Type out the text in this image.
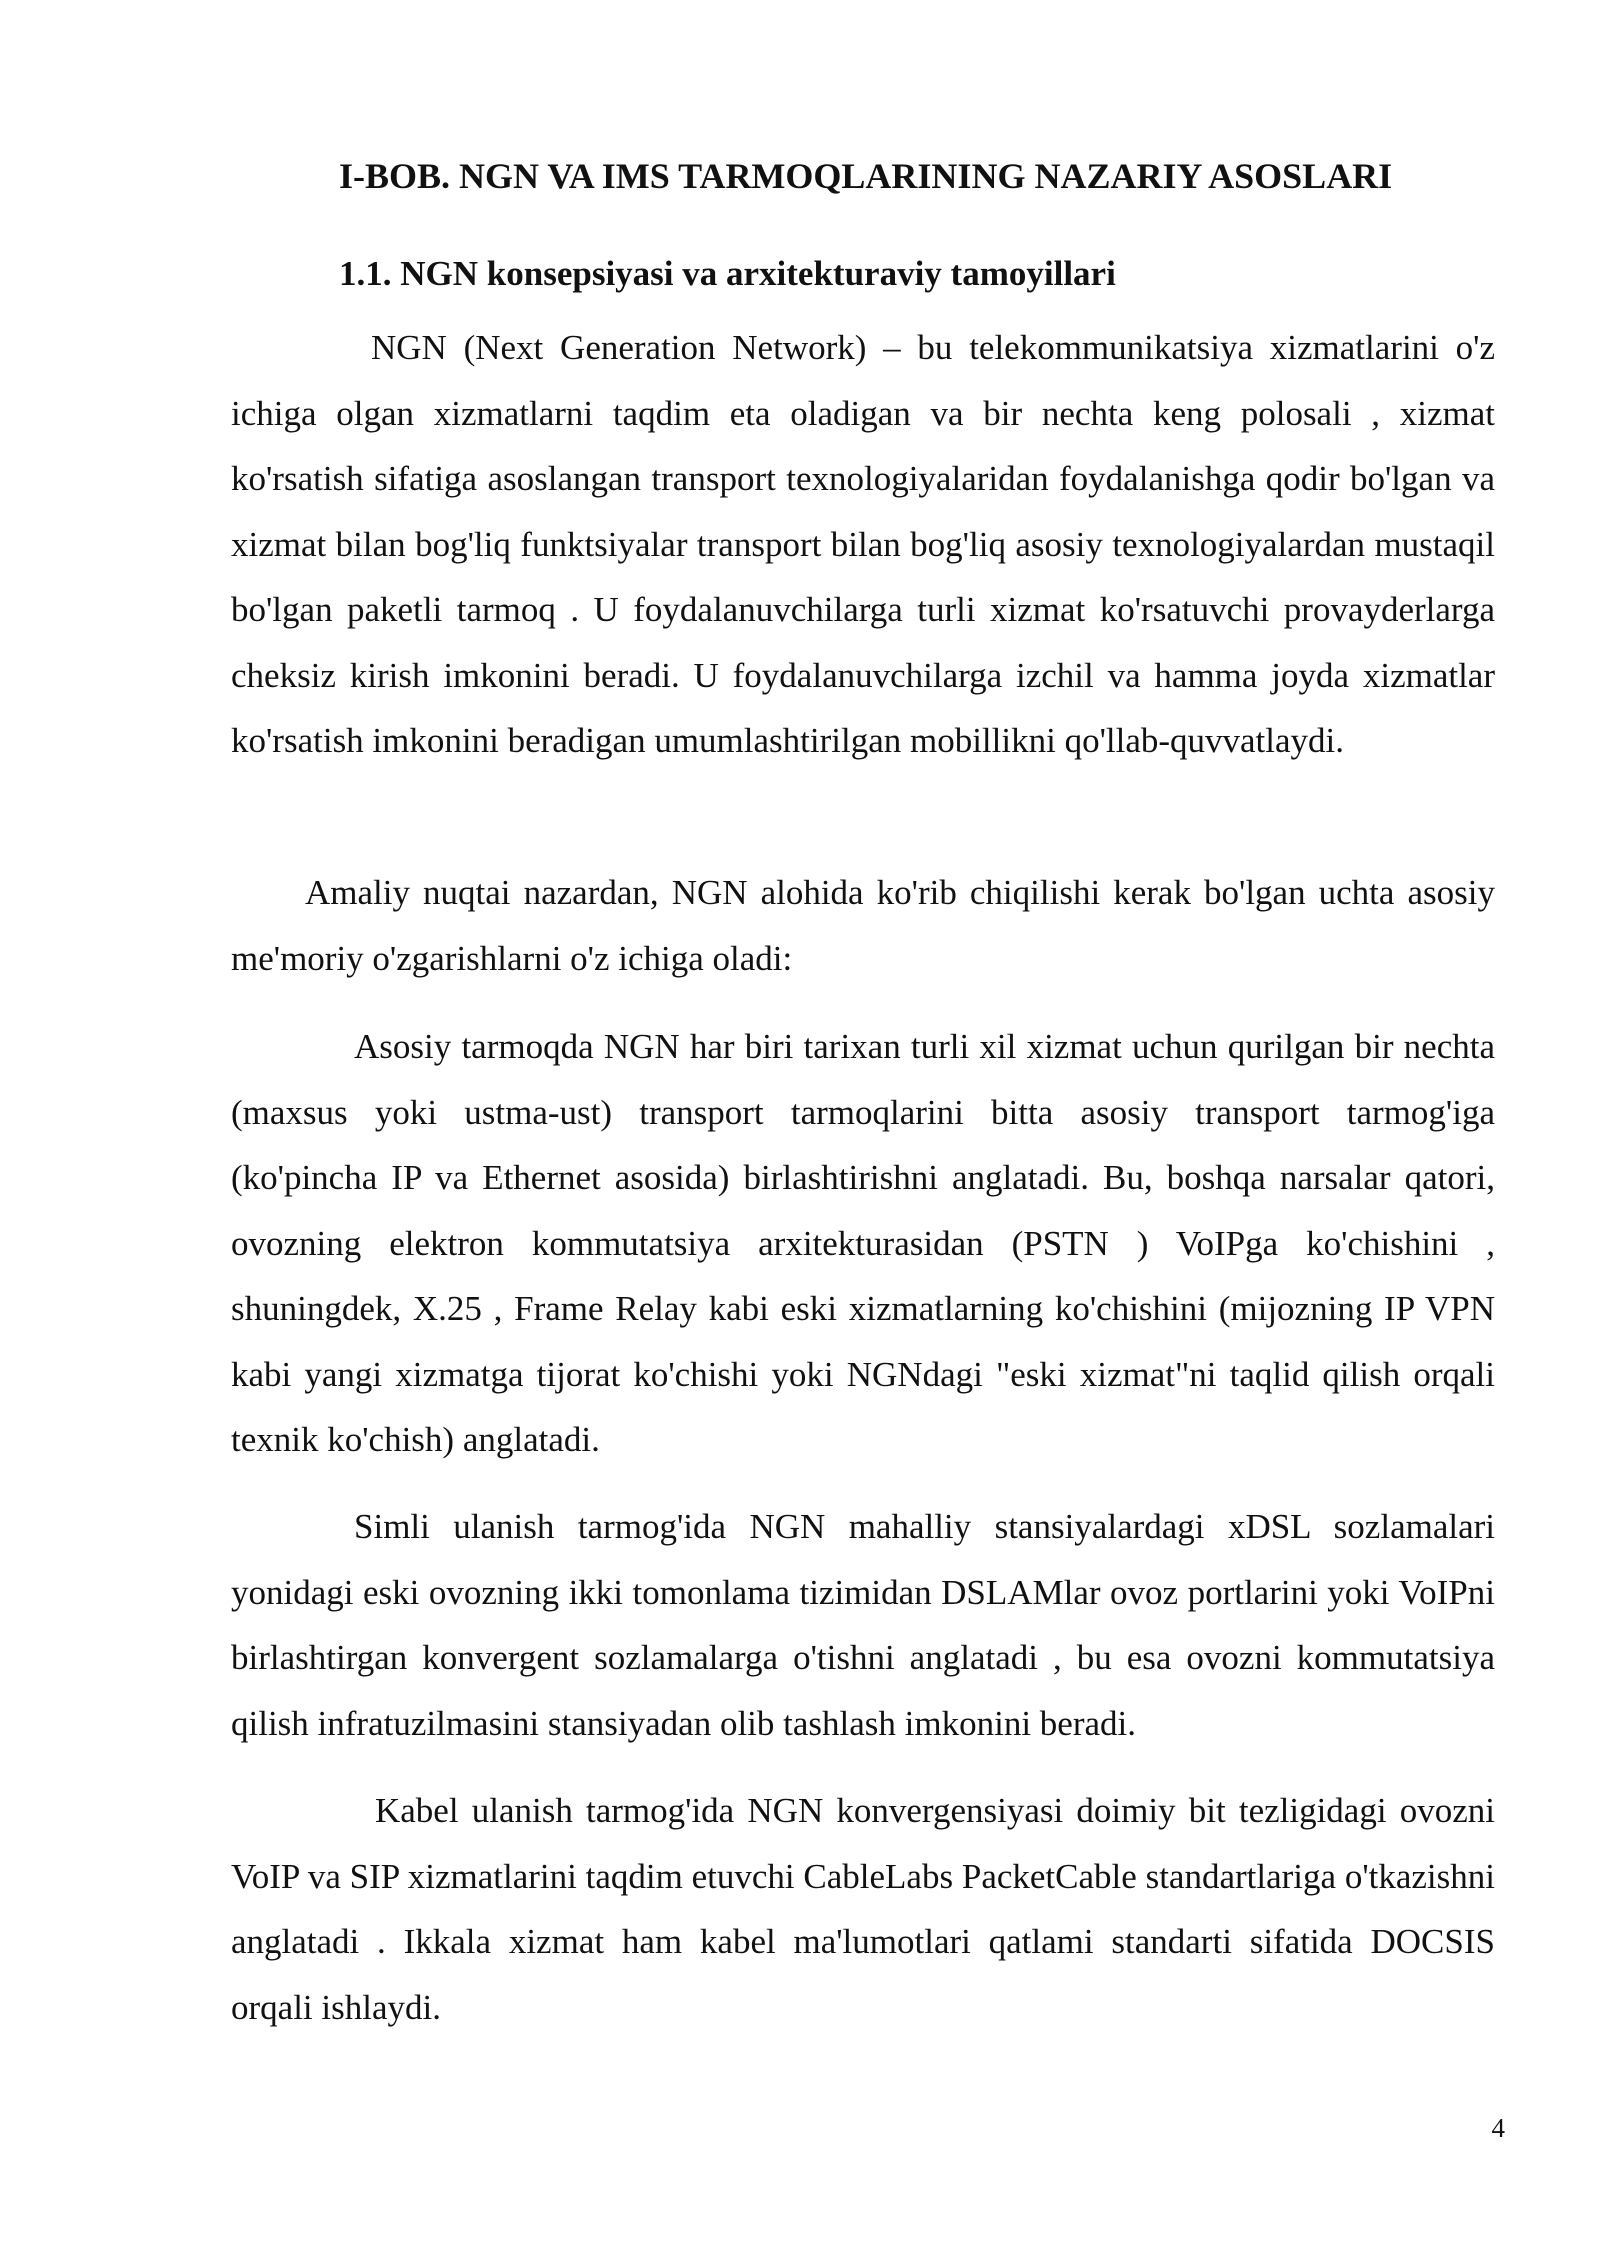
I-BOB. NGN VA IMS TARMOQLARINING NAZARIY ASOSLARI
1.1. NGN konsepsiyasi va arxitekturaviy tamoyillari

NGN (Next Generation Network) – bu telekommunikatsiya xizmatlarini o'z ichiga olgan xizmatlarni taqdim eta oladigan va bir nechta keng polosali , xizmat ko'rsatish sifatiga asoslangan transport texnologiyalaridan foydalanishga qodir bo'lgan va xizmat bilan bog'liq funktsiyalar transport bilan bog'liq asosiy texnologiyalardan mustaqil bo'lgan paketli tarmoq . U foydalanuvchilarga turli xizmat ko'rsatuvchi provayderlarga cheksiz kirish imkonini beradi. U foydalanuvchilarga izchil va hamma joyda xizmatlar ko'rsatish imkonini beradigan umumlashtirilgan mobillikni qo'llab-quvvatlaydi.

Amaliy nuqtai nazardan, NGN alohida ko'rib chiqilishi kerak bo'lgan uchta asosiy me'moriy o'zgarishlarni o'z ichiga oladi:

Asosiy tarmoqda NGN har biri tarixan turli xil xizmat uchun qurilgan bir nechta (maxsus yoki ustma-ust) transport tarmoqlarini bitta asosiy transport tarmog'iga (ko'pincha IP va Ethernet asosida) birlashtirishni anglatadi. Bu, boshqa narsalar qatori, ovozning elektron kommutatsiya arxitekturasidan (PSTN ) VoIPga ko'chishini , shuningdek, X.25 , Frame Relay kabi eski xizmatlarning ko'chishini (mijozning IP VPN kabi yangi xizmatga tijorat ko'chishi yoki NGNdagi "eski xizmat"ni taqlid qilish orqali texnik ko'chish) anglatadi.

Simli ulanish tarmog'ida NGN mahalliy stansiyalardagi xDSL sozlamalari yonidagi eski ovozning ikki tomonlama tizimidan DSLAMlar ovoz portlarini yoki VoIPni birlashtirgan konvergent sozlamalarga o'tishni anglatadi , bu esa ovozni kommutatsiya qilish infratuzilmasini stansiyadan olib tashlash imkonini beradi.

Kabel ulanish tarmog'ida NGN konvergensiyasi doimiy bit tezligidagi ovozni VoIP va SIP xizmatlarini taqdim etuvchi CableLabs PacketCable standartlariga o'tkazishni anglatadi . Ikkala xizmat ham kabel ma'lumotlari qatlami standarti sifatida DOCSIS orqali ishlaydi.

4
